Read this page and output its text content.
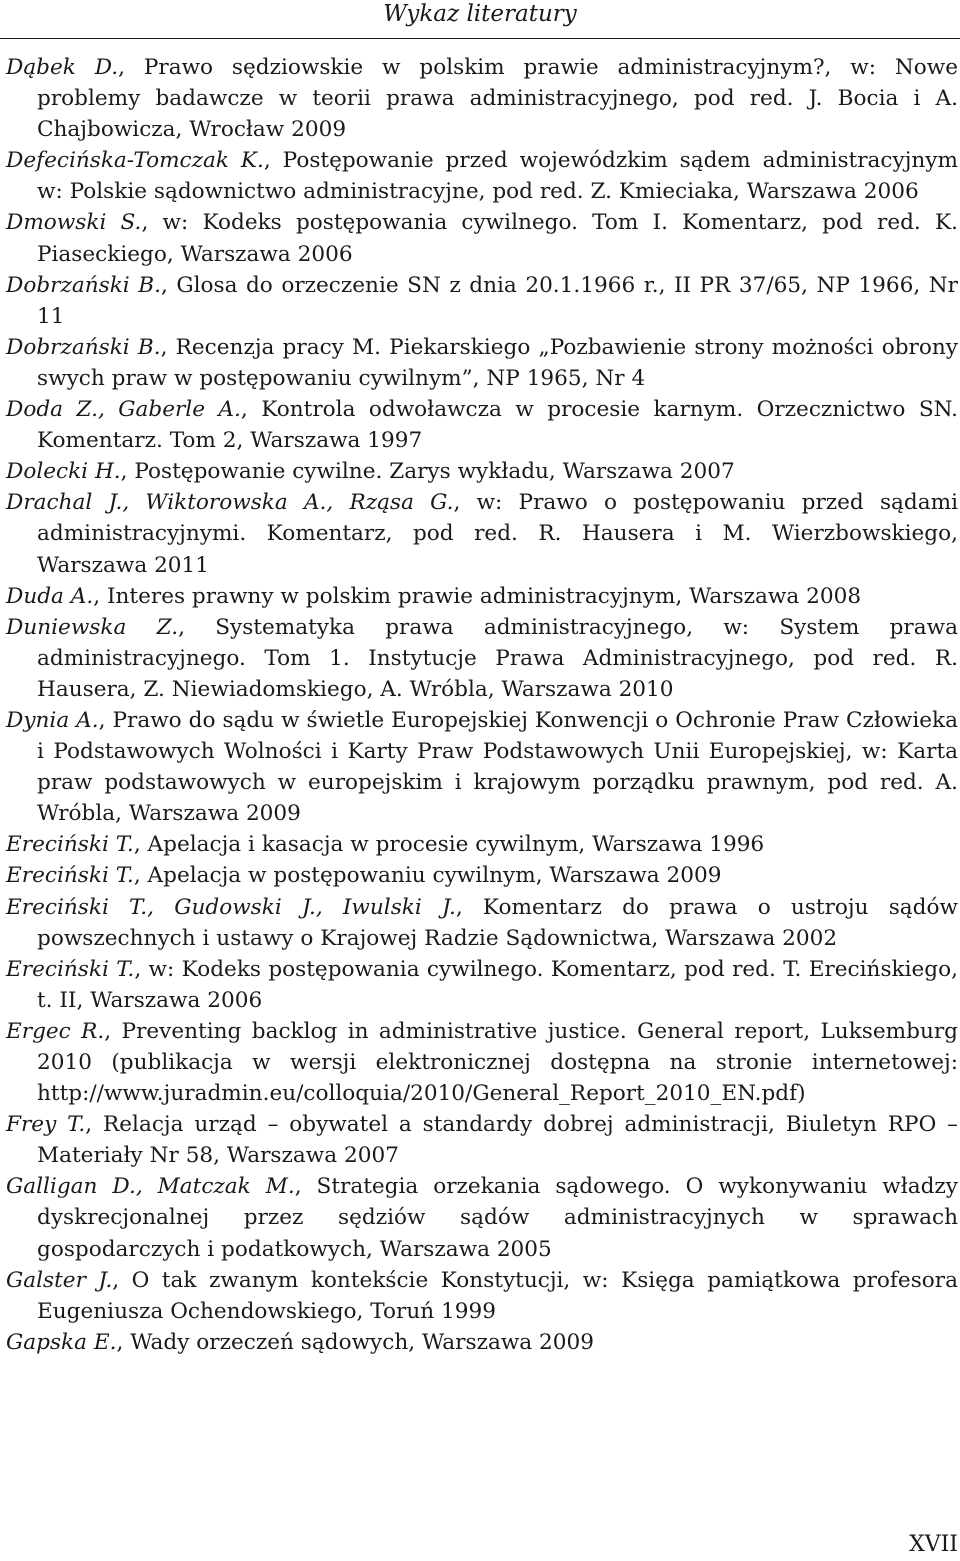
Wykaz literatury
Dąbek D., Prawo sędziowskie w polskim prawie administracyjnym?, w: Nowe problemy badawcze w teorii prawa administracyjnego, pod red. J. Bocia i A. Chajbowicza, Wrocław 2009
Defecińska-Tomczak K., Postępowanie przed wojewódzkim sądem administracyjnym w: Polskie sądownictwo administracyjne, pod red. Z. Kmieciaka, Warszawa 2006
Dmowski S., w: Kodeks postępowania cywilnego. Tom I. Komentarz, pod red. K. Piaseckiego, Warszawa 2006
Dobrzański B., Glosa do orzeczenie SN z dnia 20.1.1966 r., II PR 37/65, NP 1966, Nr 11
Dobrzański B., Recenzja pracy M. Piekarskiego „Pozbawienie strony możności obrony swych praw w postępowaniu cywilnym”, NP 1965, Nr 4
Doda Z., Gaberle A., Kontrola odwoławcza w procesie karnym. Orzecznictwo SN. Komentarz. Tom 2, Warszawa 1997
Dolecki H., Postępowanie cywilne. Zarys wykładu, Warszawa 2007
Drachal J., Wiktorowska A., Rząsa G., w: Prawo o postępowaniu przed sądami administracyjnymi. Komentarz, pod red. R. Hausera i M. Wierzbowskiego, Warszawa 2011
Duda A., Interes prawny w polskim prawie administracyjnym, Warszawa 2008
Duniewska Z., Systematyka prawa administracyjnego, w: System prawa administracyjnego. Tom 1. Instytucje Prawa Administracyjnego, pod red. R. Hausera, Z. Niewiadomskiego, A. Wróbla, Warszawa 2010
Dynia A., Prawo do sądu w świetle Europejskiej Konwencji o Ochronie Praw Człowieka i Podstawowych Wolności i Karty Praw Podstawowych Unii Europejskiej, w: Karta praw podstawowych w europejskim i krajowym porządku prawnym, pod red. A. Wróbla, Warszawa 2009
Ereciński T., Apelacja i kasacja w procesie cywilnym, Warszawa 1996
Ereciński T., Apelacja w postępowaniu cywilnym, Warszawa 2009
Ereciński T., Gudowski J., Iwulski J., Komentarz do prawa o ustroju sądów powszechnych i ustawy o Krajowej Radzie Sądownictwa, Warszawa 2002
Ereciński T., w: Kodeks postępowania cywilnego. Komentarz, pod red. T. Erecińskiego, t. II, Warszawa 2006
Ergec R., Preventing backlog in administrative justice. General report, Luksemburg 2010 (publikacja w wersji elektronicznej dostępna na stronie internetowej: http://www.juradmin.eu/colloquia/2010/General_Report_2010_EN.pdf)
Frey T., Relacja urząd – obywatel a standardy dobrej administracji, Biuletyn RPO – Materiały Nr 58, Warszawa 2007
Galligan D., Matczak M., Strategia orzekania sądowego. O wykonywaniu władzy dyskrecjonalnej przez sędziów sądów administracyjnych w sprawach gospodarczych i podatkowych, Warszawa 2005
Galster J., O tak zwanym kontekście Konstytucji, w: Księga pamiątkowa profesora Eugeniusza Ochendowskiego, Toruń 1999
Gapska E., Wady orzeczeń sądowych, Warszawa 2009
XVII
